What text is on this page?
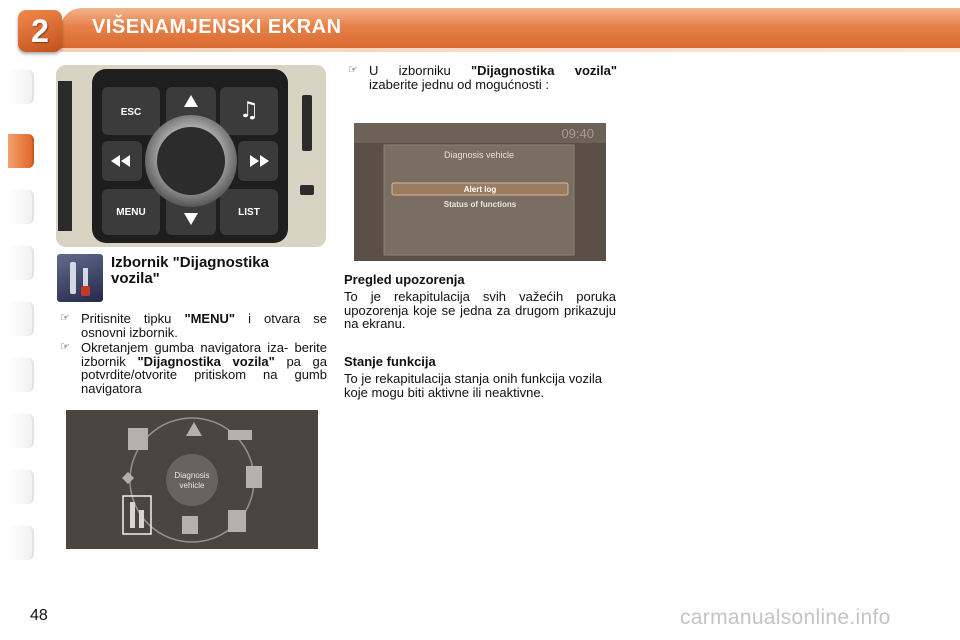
2	VIŠENAMJENSKI EKRAN
ESC
MENU	LIST
♫
Izbornik "Dijagnostika vozila"
☞ Pritisnite tipku "MENU" i otvara se osnovni izbornik.
☞ Okretanjem gumba navigatora iza- berite izbornik "Dijagnostika vozila" pa ga potvrdite/otvorite pritiskom na gumb navigatora
Diagnosis
vehicle
☞ U izborniku "Dijagnostika vozila" izaberite jednu od mogućnosti :
09:40
Diagnosis vehicle
Alert log
Status of functions
Pregled upozorenja
To je rekapitulacija svih važećih poruka upozorenja koje se jedna za drugom prikazuju na ekranu.
Stanje funkcija
To je rekapitulacija stanja onih funkcija vozila koje mogu biti aktivne ili neaktivne.
48	carmanualsonline.info
